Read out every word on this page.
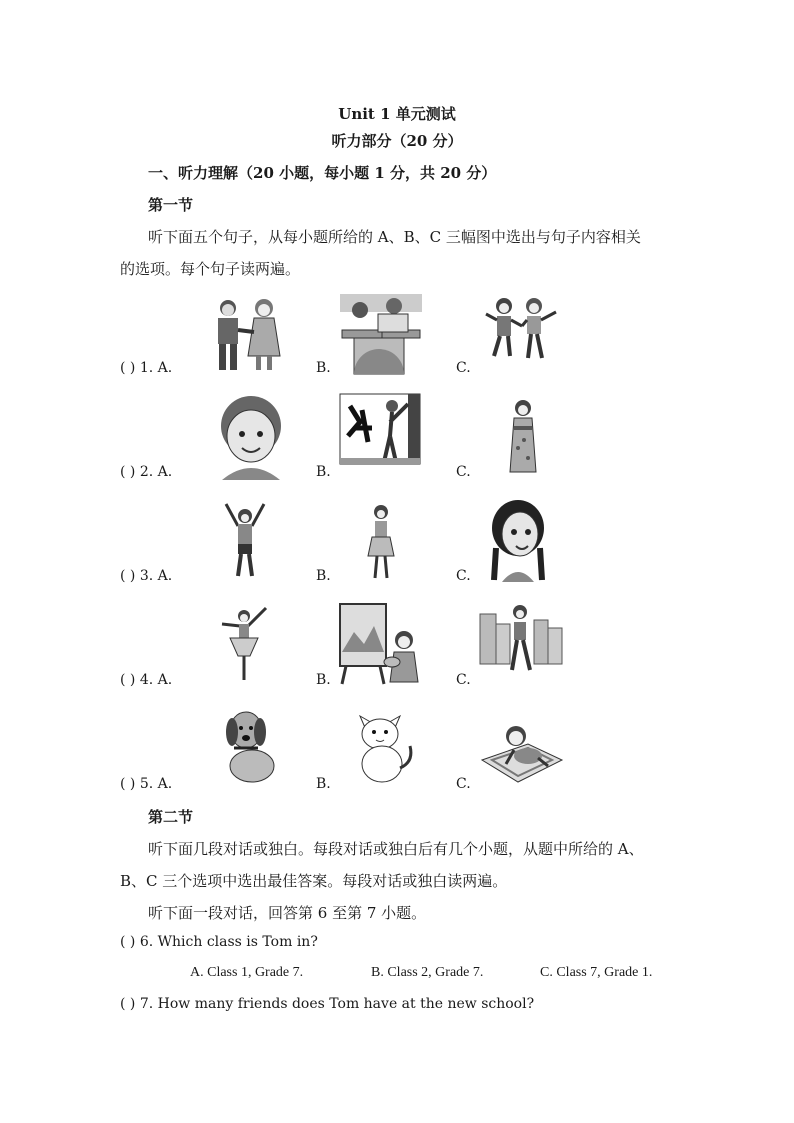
Unit 1 单元测试
听力部分（20 分）
一、听力理解（20 小题，每小题 1 分，共 20 分）
第一节
听下面五个句子，从每小题所给的 A、B、C 三幅图中选出与句子内容相关
的选项。每个句子读两遍。
( ) 1. A.	B.	C.
( ) 2. A.	B.	C.
( ) 3. A.	B.	C.
( ) 4. A.	B.	C.
( ) 5. A.	B.	C.
第二节
听下面几段对话或独白。每段对话或独白后有几个小题，从题中所给的 A、
B、C 三个选项中选出最佳答案。每段对话或独白读两遍。
听下面一段对话，回答第 6 至第 7 小题。
( ) 6. Which class is Tom in?
A. Class 1, Grade 7.	B. Class 2, Grade 7.	C. Class 7, Grade 1.
( ) 7. How many friends does Tom have at the new school?
